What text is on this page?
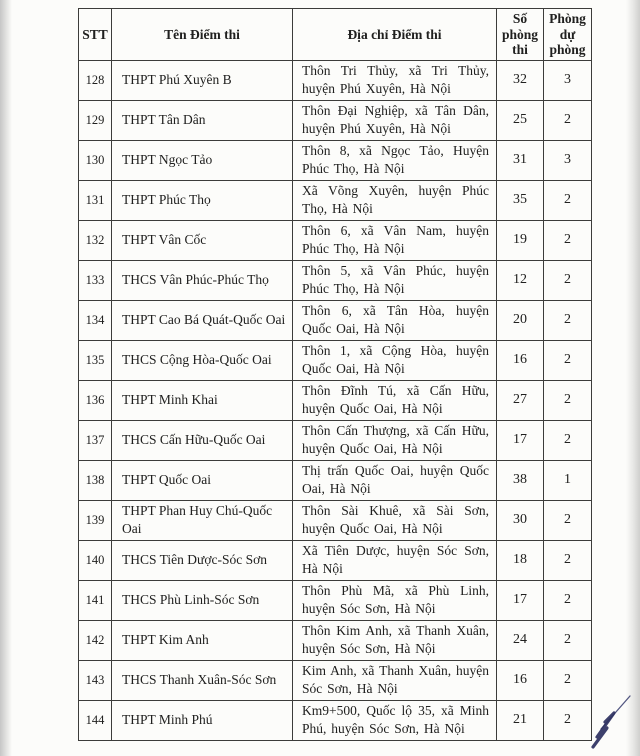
STT	Tên Điểm thi	Địa chỉ Điểm thi	Số phòng thi	Phòng dự phòng
128	THPT Phú Xuyên B	Thôn Tri Thủy, xã Tri Thủy, huyện Phú Xuyên, Hà Nội	32	3
129	THPT Tân Dân	Thôn Đại Nghiệp, xã Tân Dân, huyện Phú Xuyên, Hà Nội	25	2
130	THPT Ngọc Tảo	Thôn 8, xã Ngọc Tảo, Huyện Phúc Thọ, Hà Nội	31	3
131	THPT Phúc Thọ	Xã Võng Xuyên, huyện Phúc Thọ, Hà Nội	35	2
132	THPT Vân Cốc	Thôn 6, xã Vân Nam, huyện Phúc Thọ, Hà Nội	19	2
133	THCS Vân Phúc-Phúc Thọ	Thôn 5, xã Vân Phúc, huyện Phúc Thọ, Hà Nội	12	2
134	THPT Cao Bá Quát-Quốc Oai	Thôn 6, xã Tân Hòa, huyện Quốc Oai, Hà Nội	20	2
135	THCS Cộng Hòa-Quốc Oai	Thôn 1, xã Cộng Hòa, huyện Quốc Oai, Hà Nội	16	2
136	THPT Minh Khai	Thôn Đĩnh Tú, xã Cấn Hữu, huyện Quốc Oai, Hà Nội	27	2
137	THCS Cấn Hữu-Quốc Oai	Thôn Cấn Thượng, xã Cấn Hữu, huyện Quốc Oai, Hà Nội	17	2
138	THPT Quốc Oai	Thị trấn Quốc Oai, huyện Quốc Oai, Hà Nội	38	1
139	THPT Phan Huy Chú-Quốc Oai	Thôn Sài Khuê, xã Sài Sơn, huyện Quốc Oai, Hà Nội	30	2
140	THCS Tiên Dược-Sóc Sơn	Xã Tiên Dược, huyện Sóc Sơn, Hà Nội	18	2
141	THCS Phù Linh-Sóc Sơn	Thôn Phù Mã, xã Phù Linh, huyện Sóc Sơn, Hà Nội	17	2
142	THPT Kim Anh	Thôn Kim Anh, xã Thanh Xuân, huyện Sóc Sơn, Hà Nội	24	2
143	THCS Thanh Xuân-Sóc Sơn	Kim Anh, xã Thanh Xuân, huyện Sóc Sơn, Hà Nội	16	2
144	THPT Minh Phú	Km9+500, Quốc lộ 35, xã Minh Phú, huyện Sóc Sơn, Hà Nội	21	2
